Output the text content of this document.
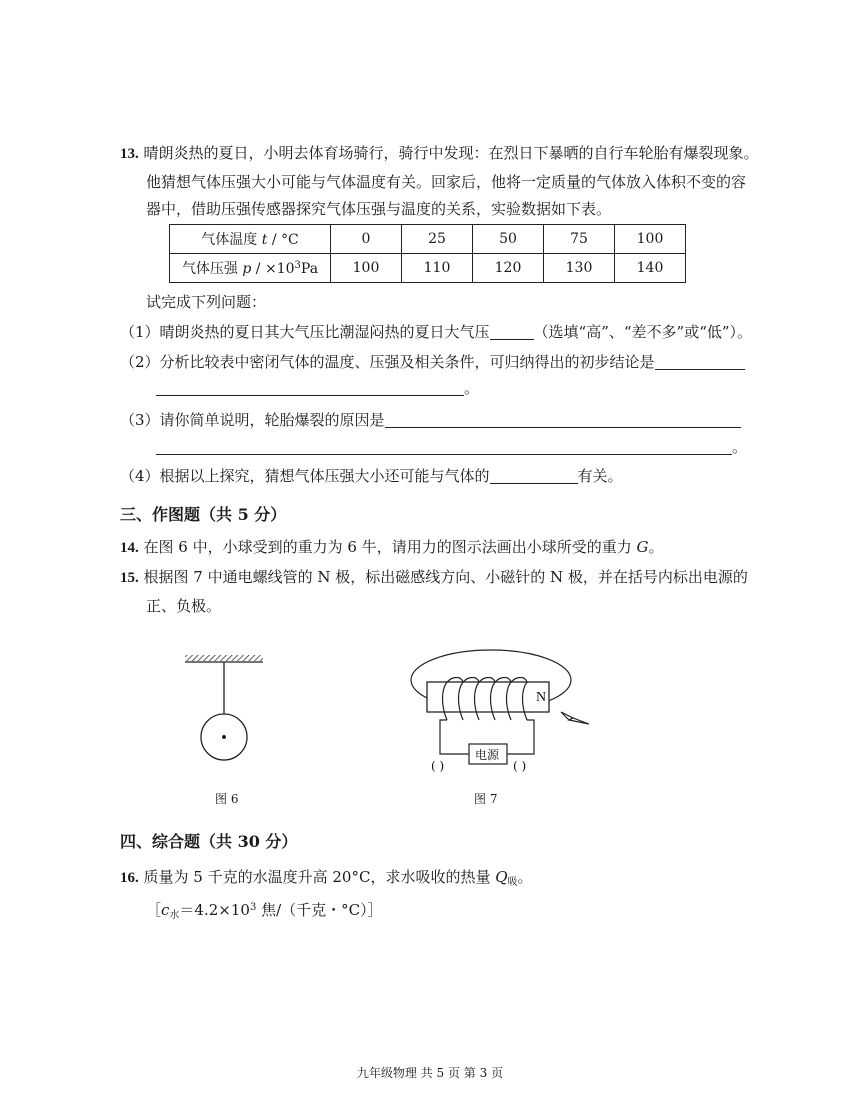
13. 晴朗炎热的夏日，小明去体育场骑行，骑行中发现：在烈日下暴晒的自行车轮胎有爆裂现象。
他猜想气体压强大小可能与气体温度有关。回家后，他将一定质量的气体放入体积不变的容
器中，借助压强传感器探究气体压强与温度的关系，实验数据如下表。
气体温度 t / °C	0	25	50	75	100
气体压强 $p / \times 10^3Pa$	100	110	120	130	140
试完成下列问题：
（1）晴朗炎热的夏日其大气压比潮湿闷热的夏日大气压	（选填“高”、“差不多”或“低”）。
（2）分析比较表中密闭气体的温度、压强及相关条件，可归纳得出的初步结论是
。
（3）请你简单说明，轮胎爆裂的原因是
。
（4）根据以上探究，猜想气体压强大小还可能与气体的	有关。
三、作图题（共 5 分）
14. 在图 6 中，小球受到的重力为 6 牛，请用力的图示法画出小球所受的重力 G。
15. 根据图 7 中通电螺线管的 N 极，标出磁感线方向、小磁针的 N 极，并在括号内标出电源的
正、负极。
图 6
N
电源
( )	( )
图 7
四、综合题（共 30 分）
16. 质量为 5 千克的水温度升高 20°C，求水吸收的热量 $Q_吸$。
$[c_水=4.2\times 10^3$ 焦/（千克・°C）］
九年级物理 共 5 页 第 3 页
